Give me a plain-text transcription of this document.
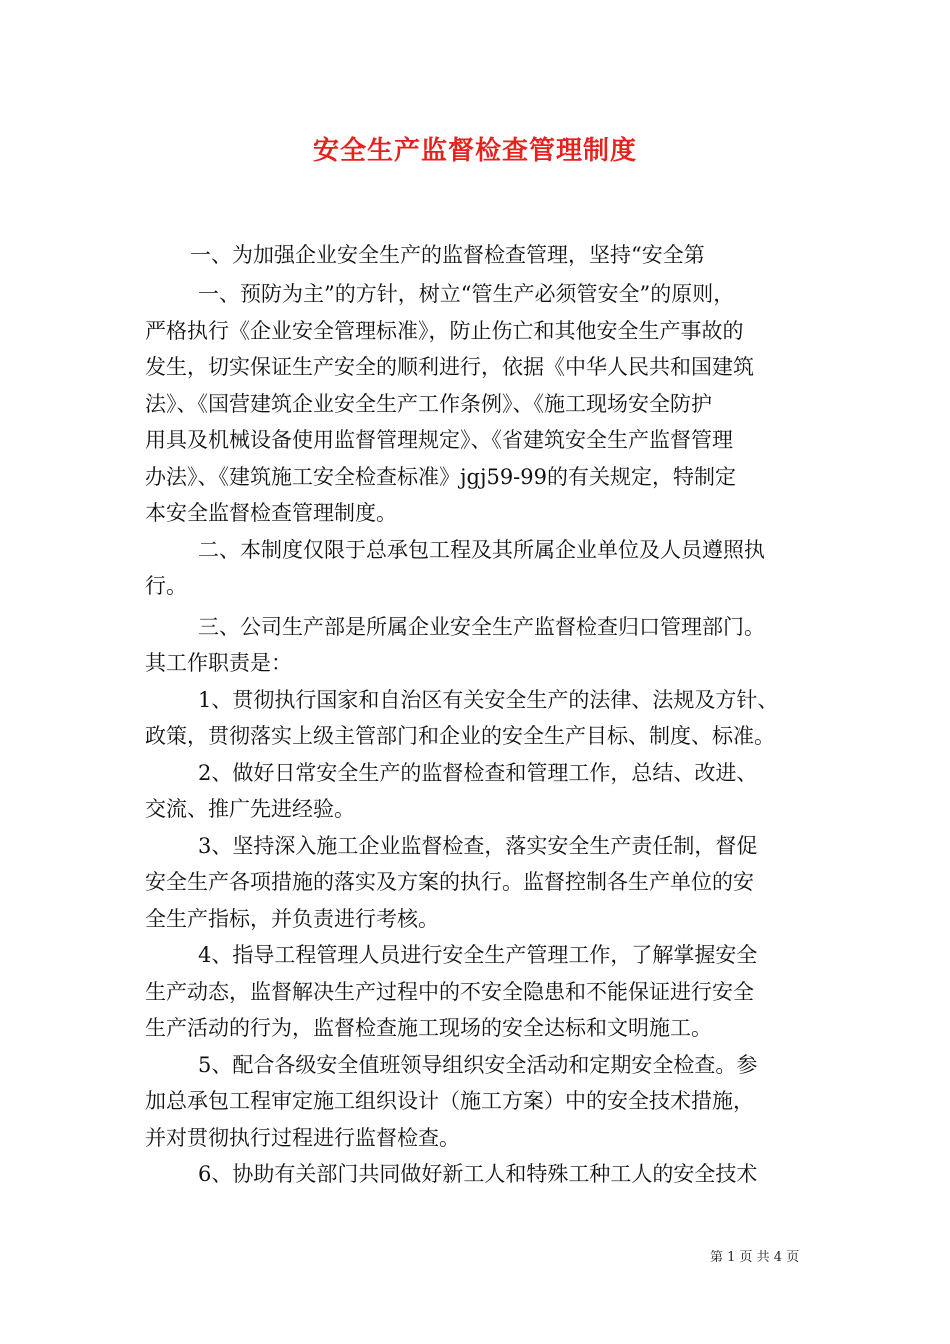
安全生产监督检查管理制度
一、为加强企业安全生产的监督检查管理，坚持“安全第
一、预防为主”的方针，树立“管生产必须管安全”的原则，
严格执行《企业安全管理标准》，防止伤亡和其他安全生产事故的
发生，切实保证生产安全的顺利进行，依据《中华人民共和国建筑
法》、《国营建筑企业安全生产工作条例》、《施工现场安全防护
用具及机械设备使用监督管理规定》、《省建筑安全生产监督管理
办法》、《建筑施工安全检查标准》jgj59-99的有关规定，特制定
本安全监督检查管理制度。
二、本制度仅限于总承包工程及其所属企业单位及人员遵照执
行。
三、公司生产部是所属企业安全生产监督检查归口管理部门。
其工作职责是：
1、贯彻执行国家和自治区有关安全生产的法律、法规及方针、
政策，贯彻落实上级主管部门和企业的安全生产目标、制度、标准。
2、做好日常安全生产的监督检查和管理工作，总结、改进、
交流、推广先进经验。
3、坚持深入施工企业监督检查，落实安全生产责任制，督促
安全生产各项措施的落实及方案的执行。监督控制各生产单位的安
全生产指标，并负责进行考核。
4、指导工程管理人员进行安全生产管理工作，了解掌握安全
生产动态，监督解决生产过程中的不安全隐患和不能保证进行安全
生产活动的行为，监督检查施工现场的安全达标和文明施工。
5、配合各级安全值班领导组织安全活动和定期安全检查。参
加总承包工程审定施工组织设计（施工方案）中的安全技术措施，
并对贯彻执行过程进行监督检查。
6、协助有关部门共同做好新工人和特殊工种工人的安全技术
第 1 页 共 4 页
